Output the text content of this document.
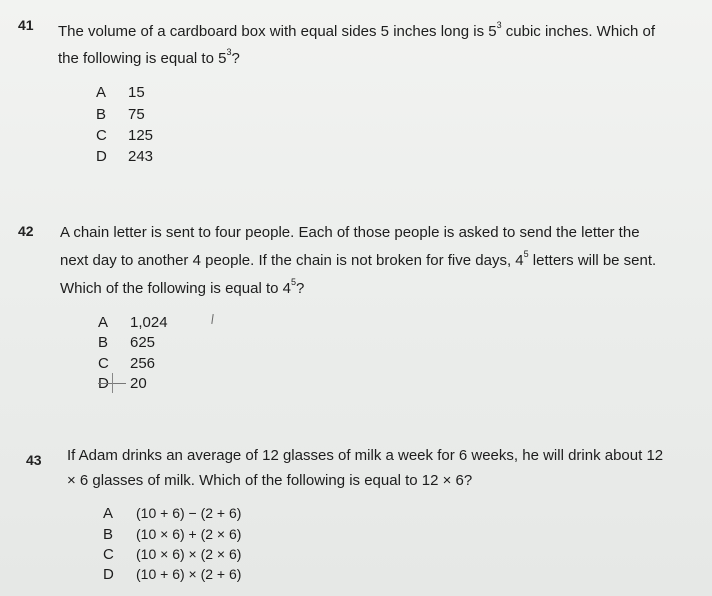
41 The volume of a cardboard box with equal sides 5 inches long is $5^3$ cubic inches. Which of
the following is equal to $5^3$?
A 15
B 75
C 125
D 243
42 A chain letter is sent to four people. Each of those people is asked to send the letter the
next day to another 4 people. If the chain is not broken for five days, $4^5$ letters will be sent.
Which of the following is equal to $4^5$?
A 1,024
B 625
C 256
20
43 If Adam drinks an average of 12 glasses of milk a week for 6 weeks, he will drink about 12
× 6 glasses of milk. Which of the following is equal to 12 × 6?
A (10 + 6) − (2 + 6)
B (10 × 6) + (2 × 6)
C (10 × 6) × (2 × 6)
D (10 + 6) × (2 + 6)
